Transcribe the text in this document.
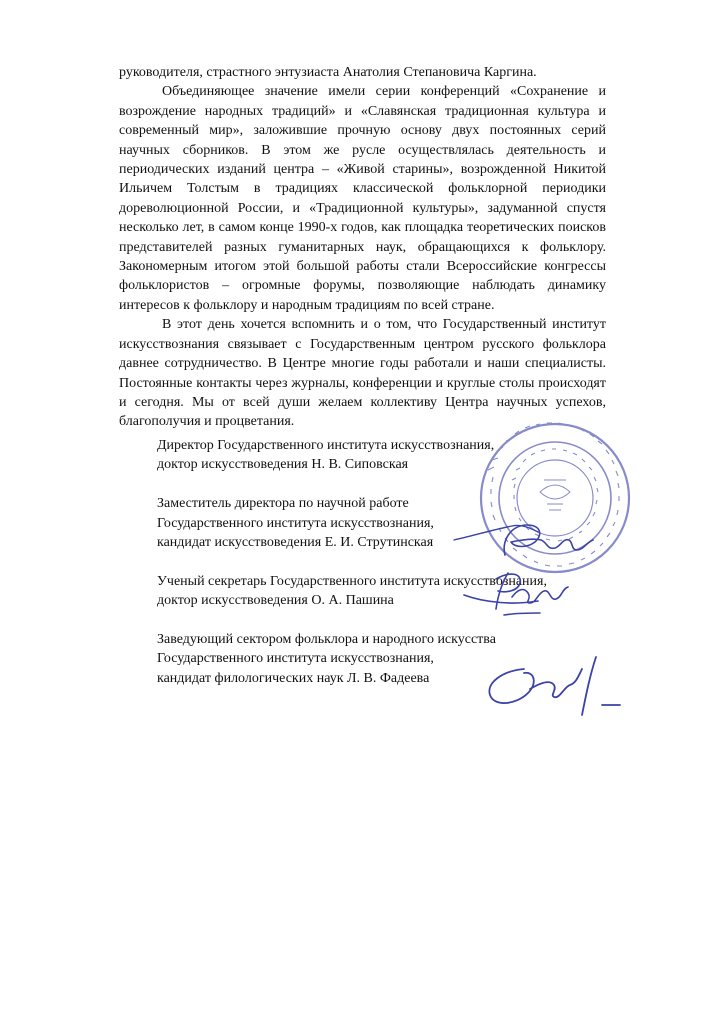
руководителя, страстного энтузиаста Анатолия Степановича Каргина.

Объединяющее значение имели серии конференций «Сохранение и возрождение народных традиций» и «Славянская традиционная культура и современный мир», заложившие прочную основу двух постоянных серий научных сборников. В этом же русле осуществлялась деятельность и периодических изданий центра – «Живой старины», возрожденной Никитой Ильичем Толстым в традициях классической фольклорной периодики дореволюционной России, и «Традиционной культуры», задуманной спустя несколько лет, в самом конце 1990-х годов, как площадка теоретических поисков представителей разных гуманитарных наук, обращающихся к фольклору. Закономерным итогом этой большой работы стали Всероссийские конгрессы фольклористов – огромные форумы, позволяющие наблюдать динамику интересов к фольклору и народным традициям по всей стране.

В этот день хочется вспомнить и о том, что Государственный институт искусствознания связывает с Государственным центром русского фольклора давнее сотрудничество. В Центре многие годы работали и наши специалисты. Постоянные контакты через журналы, конференции и круглые столы происходят и сегодня. Мы от всей души желаем коллективу Центра научных успехов, благополучия и процветания.

Директор Государственного института искусствознания,
доктор искусствоведения Н. В. Сиповская
Заместитель директора по научной работе
Государственного института искусствознания,
кандидат искусствоведения Е. И. Струтинская
Ученый секретарь Государственного института искусствознания,
доктор искусствоведения О. А. Пашина
Заведующий сектором фольклора и народного искусства
Государственного института искусствознания,
кандидат филологических наук Л. В. Фадеева
